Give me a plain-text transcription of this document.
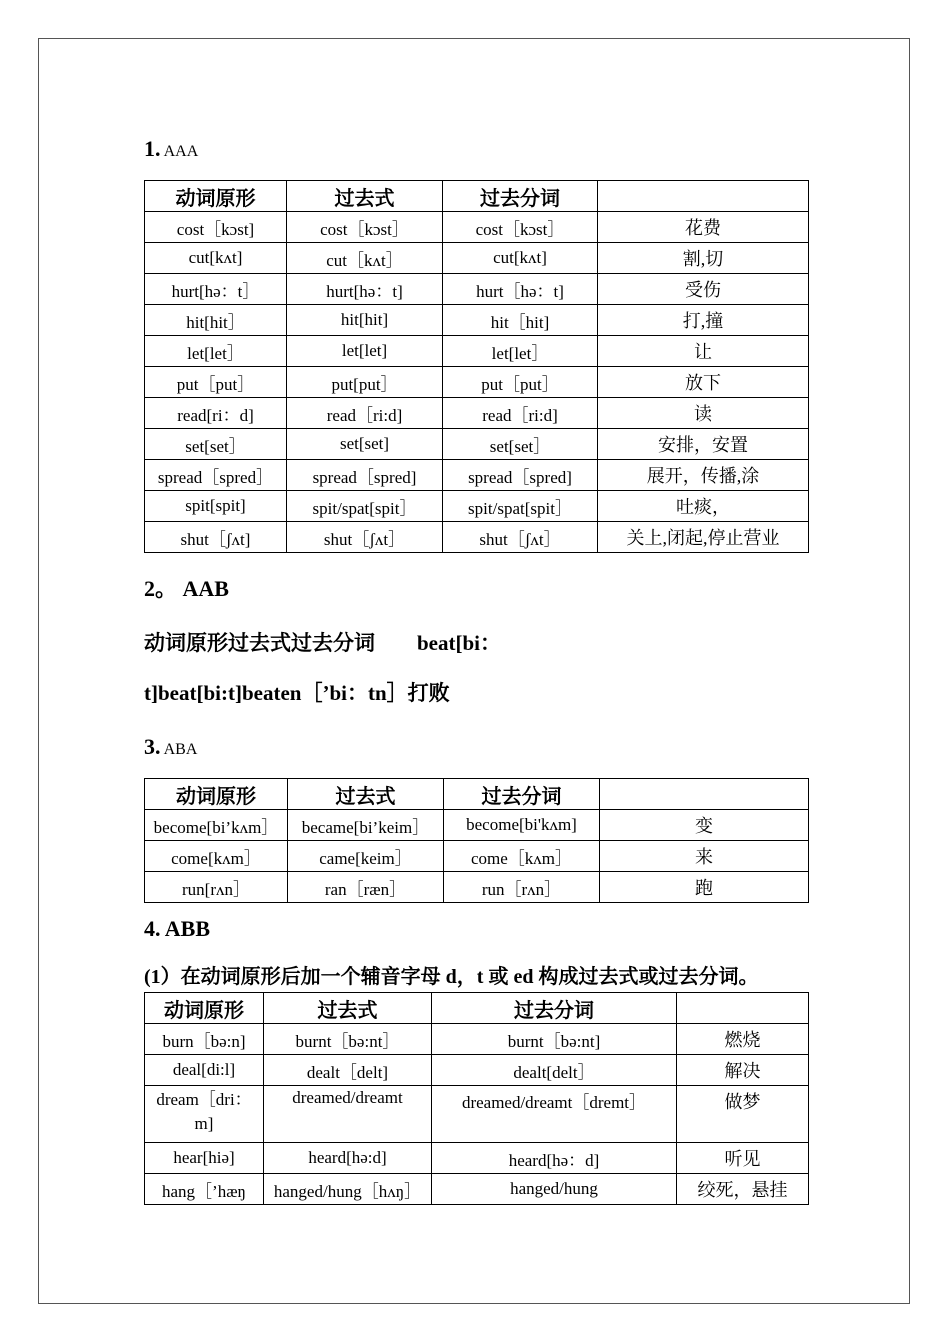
1. AAA
动词原形	过去式	过去分词	
cost［kɔst]	cost［kɔst］	cost［kɔst］	花费
cut[kʌt]	cut［kʌt］	cut[kʌt]	割,切
hurt[hə：t］	hurt[hə：t]	hurt［hə：t]	受伤
hit[hit］	hit[hit]	hit［hit]	打,撞
let[let］	let[let]	let[let］	让
put［put］	put[put］	put［put］	放下
read[ri：d]	read［ri:d]	read［ri:d]	读
set[set］	set[set]	set[set］	安排，安置
spread［spred］	spread［spred]	spread［spred]	展开，传播,涂
spit[spit]	spit/spat[spit］	spit/spat[spit］	吐痰，
shut［ʃʌt]	shut［ʃʌt］	shut［ʃʌt］	关上,闭起,停止营业
2。 AAB
动词原形过去式过去分词　　beat[bi：
t]beat[bi:t]beaten［’bi：tn］打败
3. ABA
动词原形	过去式	过去分词	
become[bi’kʌm］	became[bi’keim］	become[bi'kʌm]	变
come[kʌm］	came[keim］	come［kʌm］	来
run[rʌn］	ran［ræn］	run［rʌn］	跑
4. ABB
(1）在动词原形后加一个辅音字母 d，t 或 ed 构成过去式或过去分词。
动词原形	过去式	过去分词	
burn［bə:n]	burnt［bə:nt］	burnt［bə:nt]	燃烧
deal[di:l]	dealt［delt]	dealt[delt］	解决
dream［dri：m]	dreamed/dreamt	dreamed/dreamt［dremt］	做梦
hear[hiə]	heard[hə:d]	heard[hə：d]	听见
hang［’hæŋ	hanged/hung［hʌŋ］	hanged/hung	绞死，悬挂
